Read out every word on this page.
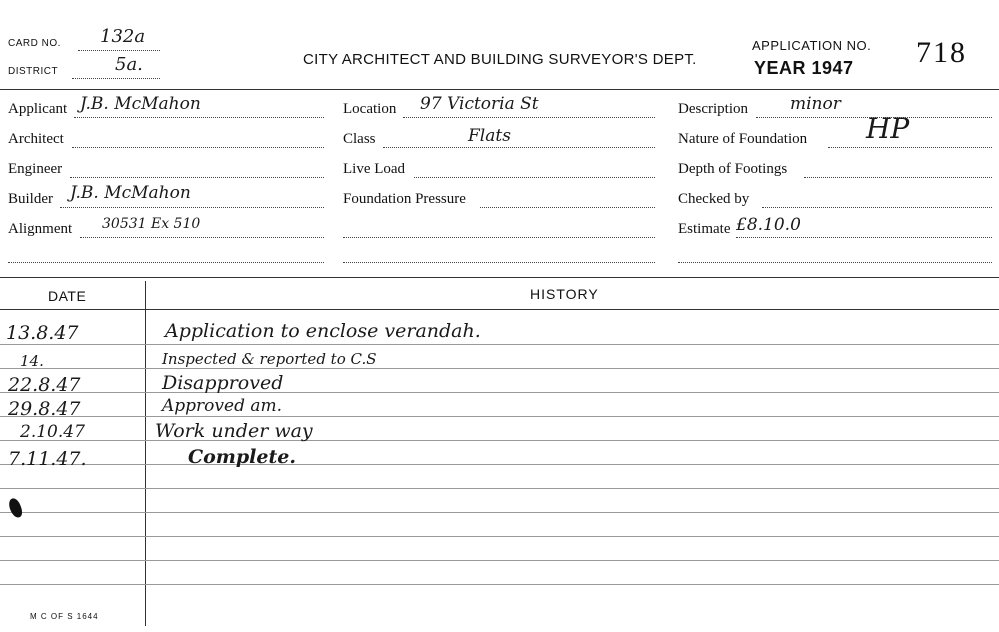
CARD NO. 132a
DISTRICT	5a.	CITY ARCHITECT AND BUILDING SURVEYOR'S DEPT.
APPLICATION NO.
YEAR 1947 718
Applicant J.B. McMahon
Architect
Engineer
Builder J.B. McMahon
Alignment 30531 Ex 510
Location 97 Victoria St
Class	Flats
Live Load
Foundation Pressure
Description minor
Nature of Foundation HP
Depth of Footings
Checked by
Estimate £8.10.0
DATE	HISTORY
13.8.47	Application to enclose verandah.
14.	Inspected & reported to C.S
22.8.47	Disapproved
29.8.47	Approved am.
2.10.47	Work under way
7.11.47.	Complete.
M C OF S 1644
